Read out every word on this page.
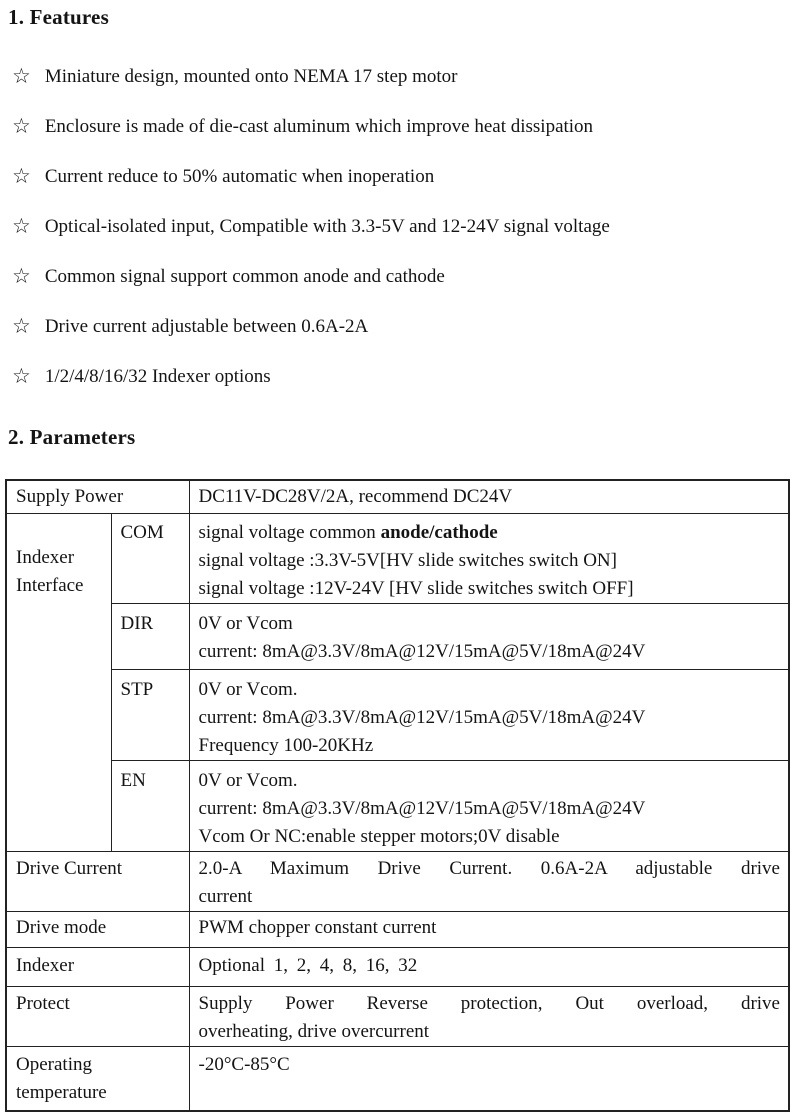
1. Features
☆ Miniature design, mounted onto NEMA 17 step motor
☆ Enclosure is made of die-cast aluminum which improve heat dissipation
☆ Current reduce to 50% automatic when inoperation
☆ Optical-isolated input, Compatible with 3.3-5V and 12-24V signal voltage
☆ Common signal support common anode and cathode
☆ Drive current adjustable between 0.6A-2A
☆ 1/2/4/8/16/32 Indexer options
2. Parameters
Supply Power		DC11V-DC28V/2A, recommend DC24V

Indexer
Interface
	COM	signal voltage common anode/cathode
signal voltage :3.3V-5V[HV slide switches switch ON]
signal voltage :12V-24V [HV slide switches switch OFF]

	DIR	0V or Vcom
current: 8mA@3.3V/8mA@12V/15mA@5V/18mA@24V

	STP	0V or Vcom.
current: 8mA@3.3V/8mA@12V/15mA@5V/18mA@24V
Frequency 100-20KHz

	EN	0V or Vcom.
current: 8mA@3.3V/8mA@12V/15mA@5V/18mA@24V
Vcom Or NC:enable stepper motors;0V disable

Drive Current		2.0-A Maximum Drive Current. 0.6A-2A adjustable drive
current

Drive mode		PWM chopper constant current
Indexer		Optional 1, 2, 4, 8, 16, 32
Protect		Supply Power Reverse protection, Out overload, drive
overheating, drive overcurrent

Operating
temperature		-20°C-85°C
